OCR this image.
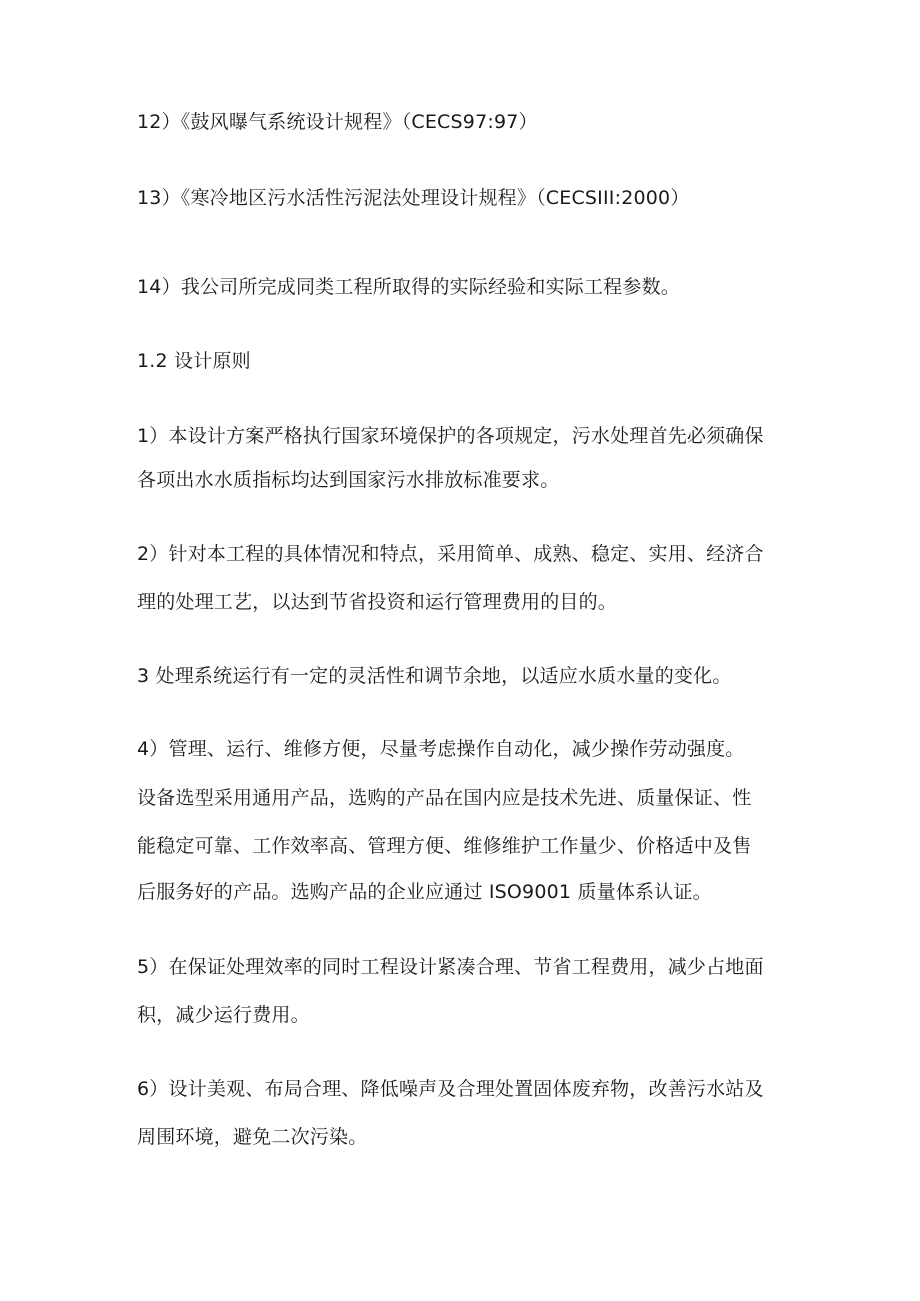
12）《鼓风曝气系统设计规程》（CECS97:97）
13）《寒冷地区污水活性污泥法处理设计规程》（CECSIII:2000）
14）我公司所完成同类工程所取得的实际经验和实际工程参数。
1.2 设计原则
1）本设计方案严格执行国家环境保护的各项规定，污水处理首先必须确保
各项出水水质指标均达到国家污水排放标准要求。
2）针对本工程的具体情况和特点，采用简单、成熟、稳定、实用、经济合
理的处理工艺，以达到节省投资和运行管理费用的目的。
3 处理系统运行有一定的灵活性和调节余地，以适应水质水量的变化。
4）管理、运行、维修方便，尽量考虑操作自动化，减少操作劳动强度。
设备选型采用通用产品，选购的产品在国内应是技术先进、质量保证、性
能稳定可靠、工作效率高、管理方便、维修维护工作量少、价格适中及售
后服务好的产品。选购产品的企业应通过 ISO9001 质量体系认证。
5）在保证处理效率的同时工程设计紧凑合理、节省工程费用，减少占地面
积，减少运行费用。
6）设计美观、布局合理、降低噪声及合理处置固体废弃物，改善污水站及
周围环境，避免二次污染。
